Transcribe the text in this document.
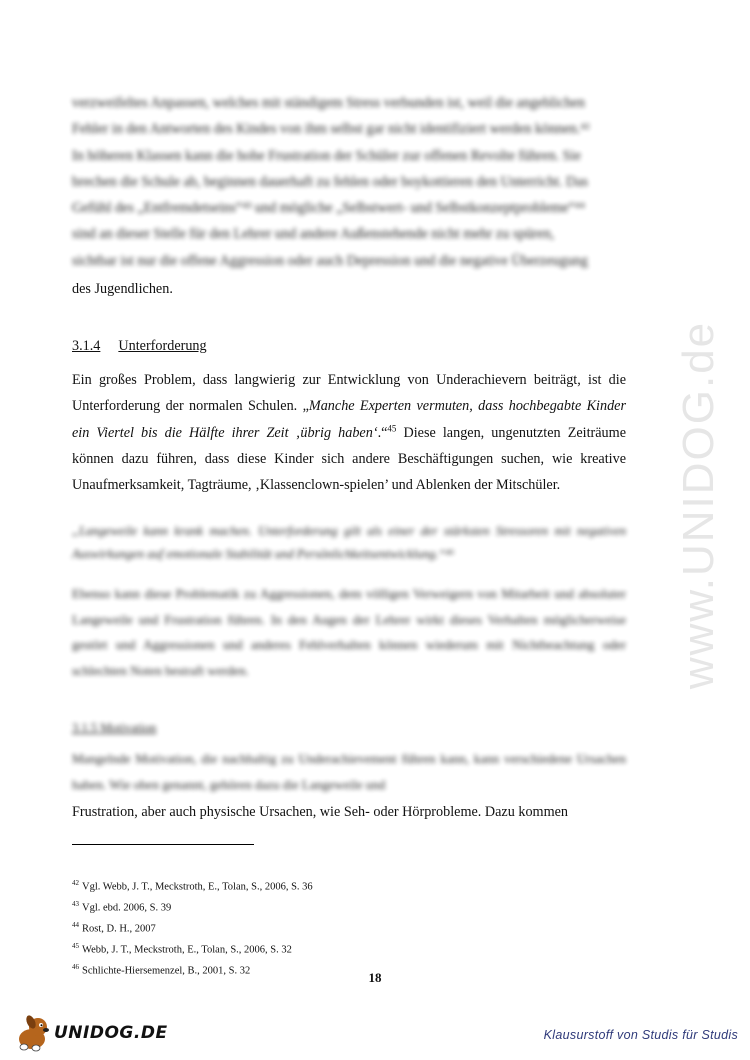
verzweifeltes Anpassen, welches mit ständigem Stress verbunden ist, weil die angeblichen

Fehler in den Antworten des Kindes von ihm selbst gar nicht identifiziert werden können.⁴²

In höheren Klassen kann die hohe Frustration der Schüler zur offenen Revolte führen. Sie

brechen die Schule ab, beginnen dauerhaft zu fehlen oder boykottieren den Unterricht. Das

Gefühl des „Entfremdetseins“⁴³ und mögliche „Selbstwert- und Selbstkonzeptprobleme“⁴⁴

sind an dieser Stelle für den Lehrer und andere Außenstehende nicht mehr zu spüren,

sichtbar ist nur die offene Aggression oder auch Depression und die negative Überzeugung

des Jugendlichen.
3.1.4 Unterforderung

Ein großes Problem, dass langwierig zur Entwicklung von Underachievern beiträgt, ist die Unterforderung der normalen Schulen. „Manche Experten vermuten, dass hochbegabte Kinder ein Viertel bis die Hälfte ihrer Zeit ‚übrig haben‘.“$^{45}$ Diese langen, ungenutzten Zeiträume können dazu führen, dass diese Kinder sich andere Beschäftigungen suchen, wie kreative Unaufmerksamkeit, Tagträume, ‚Klassenclown-spielen’ und Ablenken der Mitschüler.

„Langeweile kann krank machen. Unterforderung gilt als einer der stärksten Stressoren mit negativen Auswirkungen auf emotionale Stabilität und Persönlichkeitsentwicklung.“⁴⁶

Ebenso kann diese Problematik zu Aggressionen, dem völligen Verweigern von Mitarbeit und absoluter Langeweile und Frustration führen. In den Augen der Lehrer wirkt dieses Verhalten möglicherweise gestört und Aggressionen und anderes Fehlverhalten können wiederum mit Nichtbeachtung oder schlechten Noten bestraft werden.

3.1.5 Motivation

Mangelnde Motivation, die nachhaltig zu Underachievement führen kann, kann verschiedene Ursachen haben. Wie oben genannt, gehören dazu die Langeweile und

Frustration, aber auch physische Ursachen, wie Seh- oder Hörprobleme. Dazu kommen
$^{42}$ Vgl. Webb, J. T., Meckstroth, E., Tolan, S., 2006, S. 36
$^{43}$ Vgl. ebd. 2006, S. 39
$^{44}$ Rost, D. H., 2007
$^{45}$ Webb, J. T., Meckstroth, E., Tolan, S., 2006, S. 32
$^{46}$ Schlichte-Hiersemenzel, B., 2001, S. 32	18
www.UNIDOG.de
UNIDOG.DE	Klausurstoff von Studis für Studis
